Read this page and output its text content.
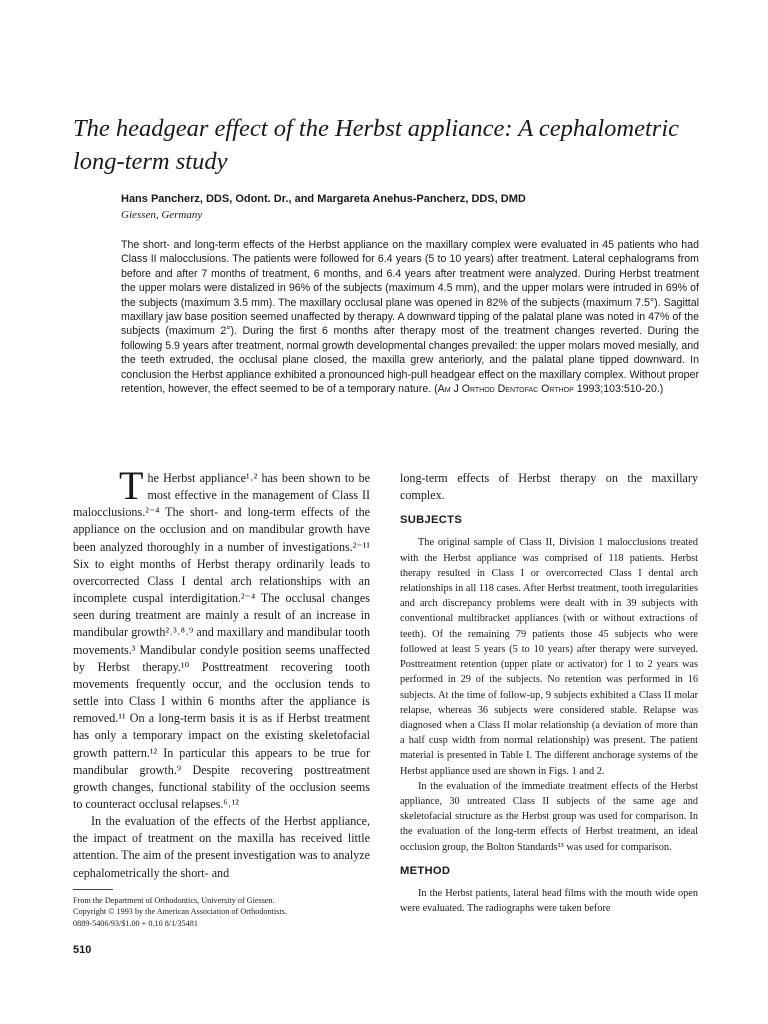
The headgear effect of the Herbst appliance: A cephalometric long-term study
Hans Pancherz, DDS, Odont. Dr., and Margareta Anehus-Pancherz, DDS, DMD
Giessen, Germany

The short- and long-term effects of the Herbst appliance on the maxillary complex were evaluated in 45 patients who had Class II malocclusions. The patients were followed for 6.4 years (5 to 10 years) after treatment. Lateral cephalograms from before and after 7 months of treatment, 6 months, and 6.4 years after treatment were analyzed. During Herbst treatment the upper molars were distalized in 96% of the subjects (maximum 4.5 mm), and the upper molars were intruded in 69% of the subjects (maximum 3.5 mm). The maxillary occlusal plane was opened in 82% of the subjects (maximum 7.5°). Sagittal maxillary jaw base position seemed unaffected by therapy. A downward tipping of the palatal plane was noted in 47% of the subjects (maximum 2°). During the first 6 months after therapy most of the treatment changes reverted. During the following 5.9 years after treatment, normal growth developmental changes prevailed: the upper molars moved mesially, and the teeth extruded, the occlusal plane closed, the maxilla grew anteriorly, and the palatal plane tipped downward. In conclusion the Herbst appliance exhibited a pronounced high-pull headgear effect on the maxillary complex. Without proper retention, however, the effect seemed to be of a temporary nature. (Am J Orthod Dentofac Orthop 1993;103:510-20.)

The Herbst appliance¹˒² has been shown to be most effective in the management of Class II malocclusions.²⁻⁴ The short- and long-term effects of the appliance on the occlusion and on mandibular growth have been analyzed thoroughly in a number of investigations.²⁻¹¹ Six to eight months of Herbst therapy ordinarily leads to overcorrected Class I dental arch relationships with an incomplete cuspal interdigitation.²⁻⁴ The occlusal changes seen during treatment are mainly a result of an increase in mandibular growth²˒³˒⁸˒⁹ and maxillary and mandibular tooth movements.³ Mandibular condyle position seems unaffected by Herbst therapy.¹⁰ Posttreatment recovering tooth movements frequently occur, and the occlusion tends to settle into Class I within 6 months after the appliance is removed.¹¹ On a long-term basis it is as if Herbst treatment has only a temporary impact on the existing skeletofacial growth pattern.¹² In particular this appears to be true for mandibular growth.⁹ Despite recovering posttreatment growth changes, functional stability of the occlusion seems to counteract occlusal relapses.⁶˒¹²

In the evaluation of the effects of the Herbst appliance, the impact of treatment on the maxilla has received little attention. The aim of the present investigation was to analyze cephalometrically the short- and

long-term effects of Herbst therapy on the maxillary complex.

SUBJECTS

The original sample of Class II, Division 1 malocclusions treated with the Herbst appliance was comprised of 118 patients. Herbst therapy resulted in Class I or overcorrected Class I dental arch relationships in all 118 cases. After Herbst treatment, tooth irregularities and arch discrepancy problems were dealt with in 39 subjects with conventional multibracket appliances (with or without extractions of teeth). Of the remaining 79 patients those 45 subjects who were followed at least 5 years (5 to 10 years) after therapy were surveyed. Posttreatment retention (upper plate or activator) for 1 to 2 years was performed in 29 of the subjects. No retention was performed in 16 subjects. At the time of follow-up, 9 subjects exhibited a Class II molar relapse, whereas 36 subjects were considered stable. Relapse was diagnosed when a Class II molar relationship (a deviation of more than a half cusp width from normal relationship) was present. The patient material is presented in Table I. The different anchorage systems of the Herbst appliance used are shown in Figs. 1 and 2.

In the evaluation of the immediate treatment effects of the Herbst appliance, 30 untreated Class II subjects of the same age and skeletofacial structure as the Herbst group was used for comparison. In the evaluation of the long-term effects of Herbst treatment, an ideal occlusion group, the Bolton Standards¹³ was used for comparison.

METHOD

In the Herbst patients, lateral head films with the mouth wide open were evaluated. The radiographs were taken before

From the Department of Orthodontics, University of Giessen.
Copyright © 1993 by the American Association of Orthodontists.
0889-5406/93/$1.00 + 0.10 8/1/35481
510
